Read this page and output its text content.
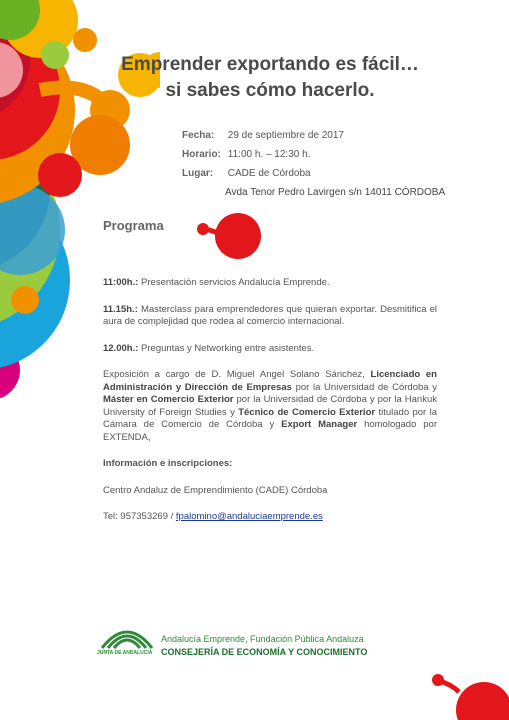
Emprender exportando es fácil…
si sabes cómo hacerlo.
Fecha: 29 de septiembre de 2017
Horario: 11:00 h. – 12:30 h.
Lugar: CADE de Córdoba
Avda Tenor Pedro Lavirgen s/n 14011 CÓRDOBA
Programa

11:00h.: Presentación servicios Andalucía Emprende.

11.15h.: Masterclass para emprendedores que quieran exportar. Desmitifica el aura de complejidad que rodea al comercio internacional.

12.00h.: Preguntas y Networking entre asistentes.

Exposición a cargo de D. Miguel Angel Solano Sánchez, Licenciado en Administración y Dirección de Empresas por la Universidad de Córdoba y Máster en Comercio Exterior por la Universidad de Córdoba y por la Hankuk University of Foreign Studies y Técnico de Comercio Exterior titulado por la Cámara de Comercio de Córdoba y Export Manager homologado por EXTENDA,

Información e inscripciones:

Centro Andaluz de Emprendimiento (CADE) Córdoba

Tel: 957353269 / fpalomino@andaluciaemprende.es

JUNTA DE ANDALUCIA
Andalucía Emprende, Fundación Pública Andaluza
CONSEJERÍA DE ECONOMÍA Y CONOCIMIENTO
